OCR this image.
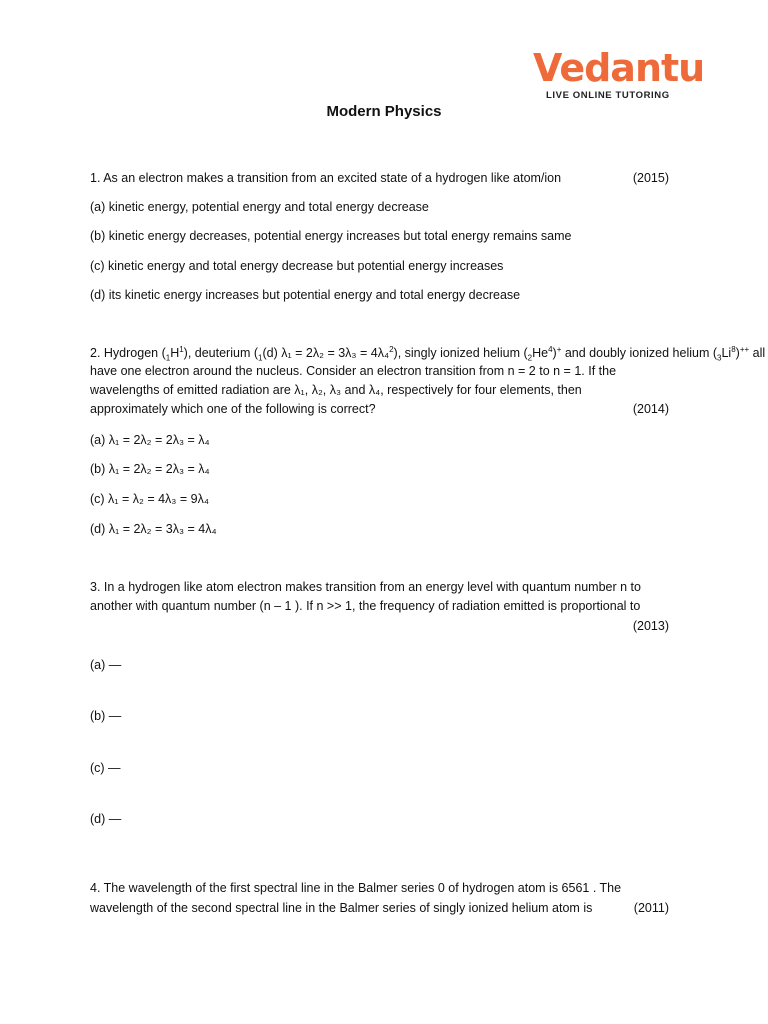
Vedantu
LIVE ONLINE TUTORING
Modern Physics
1. As an electron makes a transition from an excited state of a hydrogen like atom/ion	(2015)
(a) kinetic energy, potential energy and total energy decrease
(b) kinetic energy decreases, potential energy increases but total energy remains same
(c) kinetic energy and total energy decrease but potential energy increases
(d) its kinetic energy increases but potential energy and total energy decrease
2. Hydrogen $(_1H^1)$, deuterium $(_1(d) \lambda_1 = 2\lambda_2 = 3\lambda_3 = 4\lambda_4^2)$, singly ionized helium $(_2He^4)^+$ and doubly ionized helium $(_3Li^8)^{++}$ all
have one electron around the nucleus. Consider an electron transition from n = 2 to n = 1. If the
wavelengths of emitted radiation are λ₁, λ₂, λ₃ and λ₄, respectively for four elements, then
approximately which one of the following is correct?	(2014)
(a) λ₁ = 2λ₂ = 2λ₃ = λ₄
(b) λ₁ = 2λ₂ = 2λ₃ = λ₄
(c) λ₁ = λ₂ = 4λ₃ = 9λ₄
(d) λ₁ = 2λ₂ = 3λ₃ = 4λ₄
3. In a hydrogen like atom electron makes transition from an energy level with quantum number n to
another with quantum number (n – 1 ). If n >> 1, the frequency of radiation emitted is proportional to
(2013)
(a) —
(b) —
(c) —
(d) —
4. The wavelength of the first spectral line in the Balmer series 0 of hydrogen atom is 6561 . The
wavelength of the second spectral line in the Balmer series of singly ionized helium atom is	(2011)
